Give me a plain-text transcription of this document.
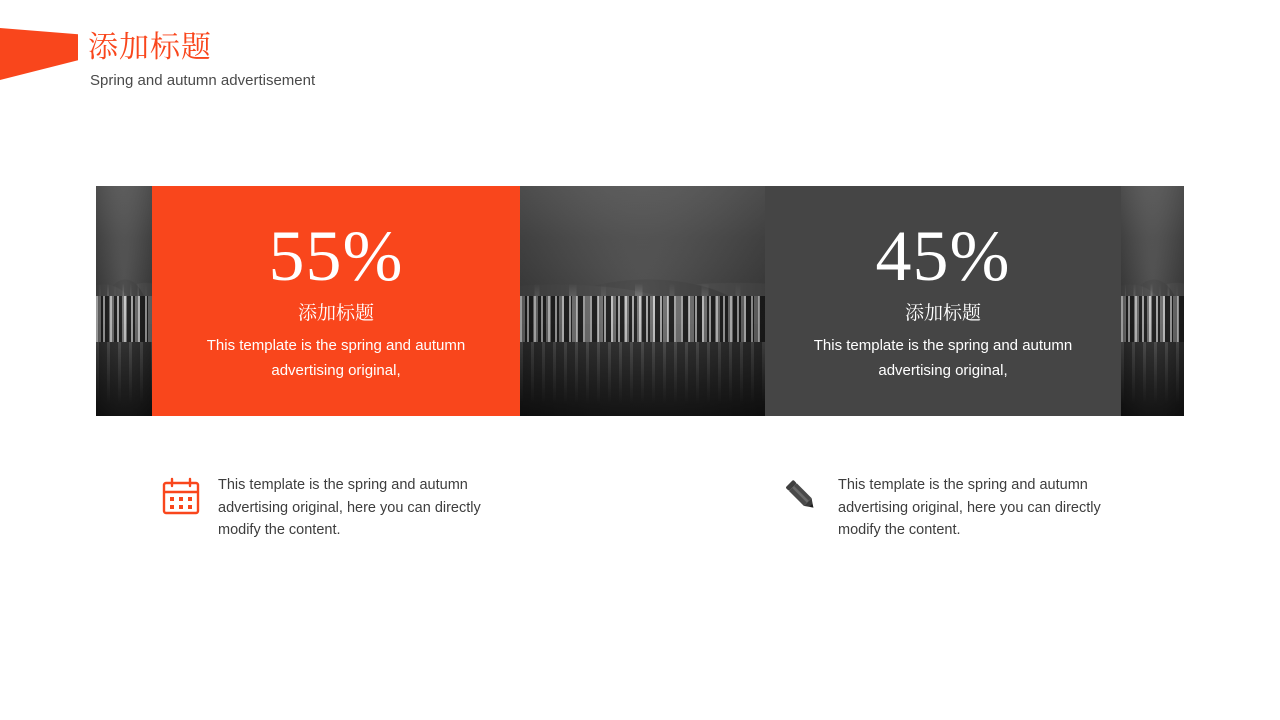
添加标题
Spring and autumn advertisement
55%
添加标题
This template is the spring and autumn advertising original,
45%
添加标题
This template is the spring and autumn advertising original,
This template is the spring and autumn advertising original, here you can directly modify the content.
This template is the spring and autumn advertising original, here you can directly modify the content.
